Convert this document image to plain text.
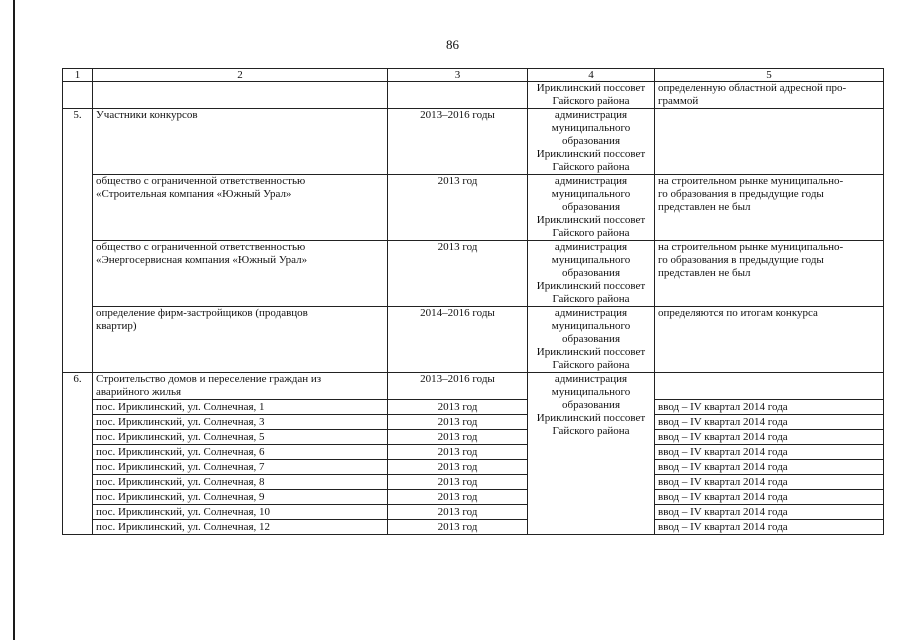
86
1	2	3	4	5

			Ириклинский поссовет
Гайского района	определенную областной адресной про-
граммой

5.	Участники конкурсов	2013–2016 годы	администрация
муниципального
образования
Ириклинский поссовет
Гайского района	

	общество с ограниченной ответственностью
«Строительная компания «Южный Урал»	2013 год	администрация
муниципального
образования
Ириклинский поссовет
Гайского района	на строительном рынке муниципально-
го образования в предыдущие годы
представлен не был

	общество с ограниченной ответственностью
«Энергосервисная компания «Южный Урал»	2013 год	администрация
муниципального
образования
Ириклинский поссовет
Гайского района	на строительном рынке муниципально-
го образования в предыдущие годы
представлен не был

	определение фирм-застройщиков (продавцов
квартир)	2014–2016 годы	администрация
муниципального
образования
Ириклинский поссовет
Гайского района	определяются по итогам конкурса
6.	Строительство домов и переселение граждан из
аварийного жилья	2013–2016 годы	администрация
муниципального
образования
Ириклинский поссовет
Гайского района	

	пос. Ириклинский, ул. Солнечная, 1	2013 год		ввод – IV квартал 2014 года
	пос. Ириклинский, ул. Солнечная, 3	2013 год		ввод – IV квартал 2014 года
	пос. Ириклинский, ул. Солнечная, 5	2013 год		ввод – IV квартал 2014 года
	пос. Ириклинский, ул. Солнечная, 6	2013 год		ввод – IV квартал 2014 года
	пос. Ириклинский, ул. Солнечная, 7	2013 год		ввод – IV квартал 2014 года
	пос. Ириклинский, ул. Солнечная, 8	2013 год		ввод – IV квартал 2014 года
	пос. Ириклинский, ул. Солнечная, 9	2013 год		ввод – IV квартал 2014 года
	пос. Ириклинский, ул. Солнечная, 10	2013 год		ввод – IV квартал 2014 года
	пос. Ириклинский, ул. Солнечная, 12	2013 год		ввод – IV квартал 2014 года
